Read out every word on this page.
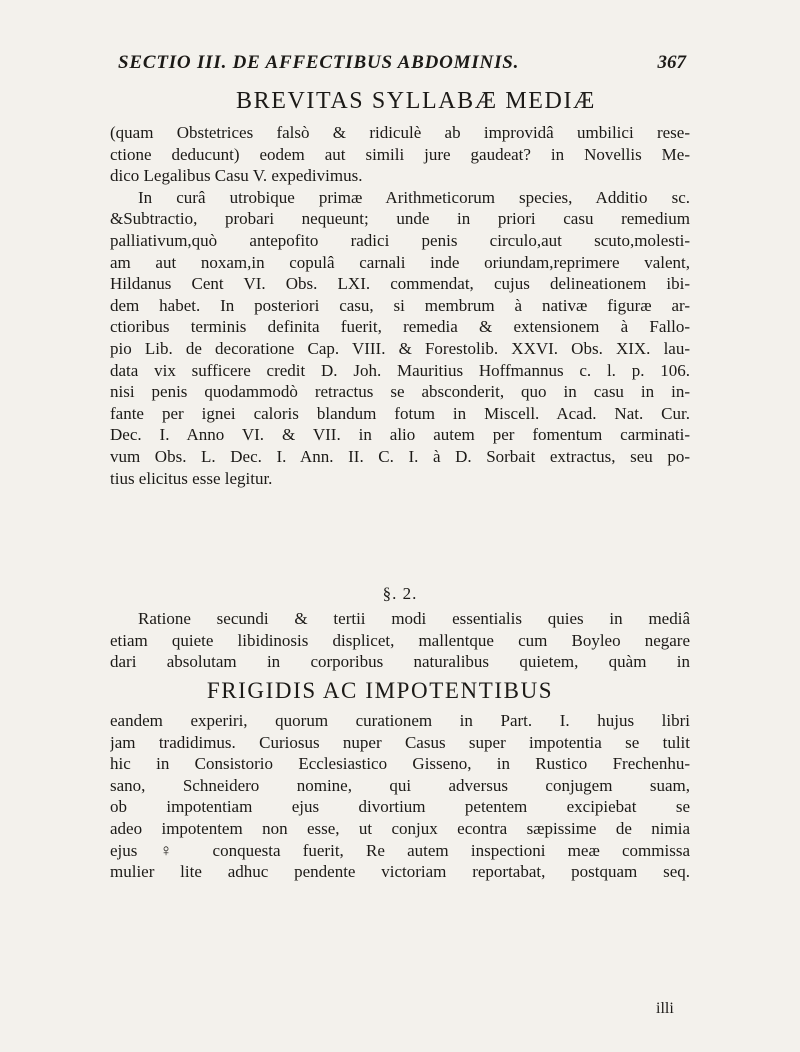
SECTIO III. DE AFFECTIBUS ABDOMINIS.	367
BREVITAS SYLLABÆ MEDIÆ
(quam Obstetrices falsò & ridiculè ab improvidâ umbilici rese-
ctione deducunt) eodem aut simili jure gaudeat? in Novellis Me-
dico Legalibus Casu V. expedivimus.
In curâ utrobique primæ Arithmeticorum species, Additio sc.
&Subtractio, probari nequeunt; unde in priori casu remedium
palliativum,quò antepofito radici penis circulo,aut scuto,molesti-
am aut noxam,in copulâ carnali inde oriundam,reprimere valent,
Hildanus Cent VI. Obs. LXI. commendat, cujus delineationem ibi-
dem habet. In posteriori casu, si membrum à nativæ figuræ ar-
ctioribus terminis definita fuerit, remedia & extensionem à Fallo-
pio Lib. de decoratione Cap. VIII. & Forestolib. XXVI. Obs. XIX. lau-
data vix sufficere credit D. Joh. Mauritius Hoffmannus c. l. p. 106.
nisi penis quodammodò retractus se absconderit, quo in casu in in-
fante per ignei caloris blandum fotum in Miscell. Acad. Nat. Cur.
Dec. I. Anno VI. & VII. in alio autem per fomentum carminati-
vum Obs. L. Dec. I. Ann. II. C. I. à D. Sorbait extractus, seu po-
tius elicitus esse legitur.
§. 2.
Ratione secundi & tertii modi essentialis quies in mediâ
etiam quiete libidinosis displicet, mallentque cum Boyleo negare
dari absolutam in corporibus naturalibus quietem, quàm in
FRIGIDIS AC IMPOTENTIBUS
eandem experiri, quorum curationem in Part. I. hujus libri
jam tradidimus. Curiosus nuper Casus super impotentia se tulit
hic in Consistorio Ecclesiastico Gisseno, in Rustico Frechenhu-
sano, Schneidero nomine, qui adversus conjugem suam,
ob impotentiam ejus divortium petentem excipiebat se
adeo impotentem non esse, ut conjux econtra sæpissime de nimia
ejus ♀ conquesta fuerit, Re autem inspectioni meæ commissa
mulier lite adhuc pendente victoriam reportabat, postquam seq.
illi
